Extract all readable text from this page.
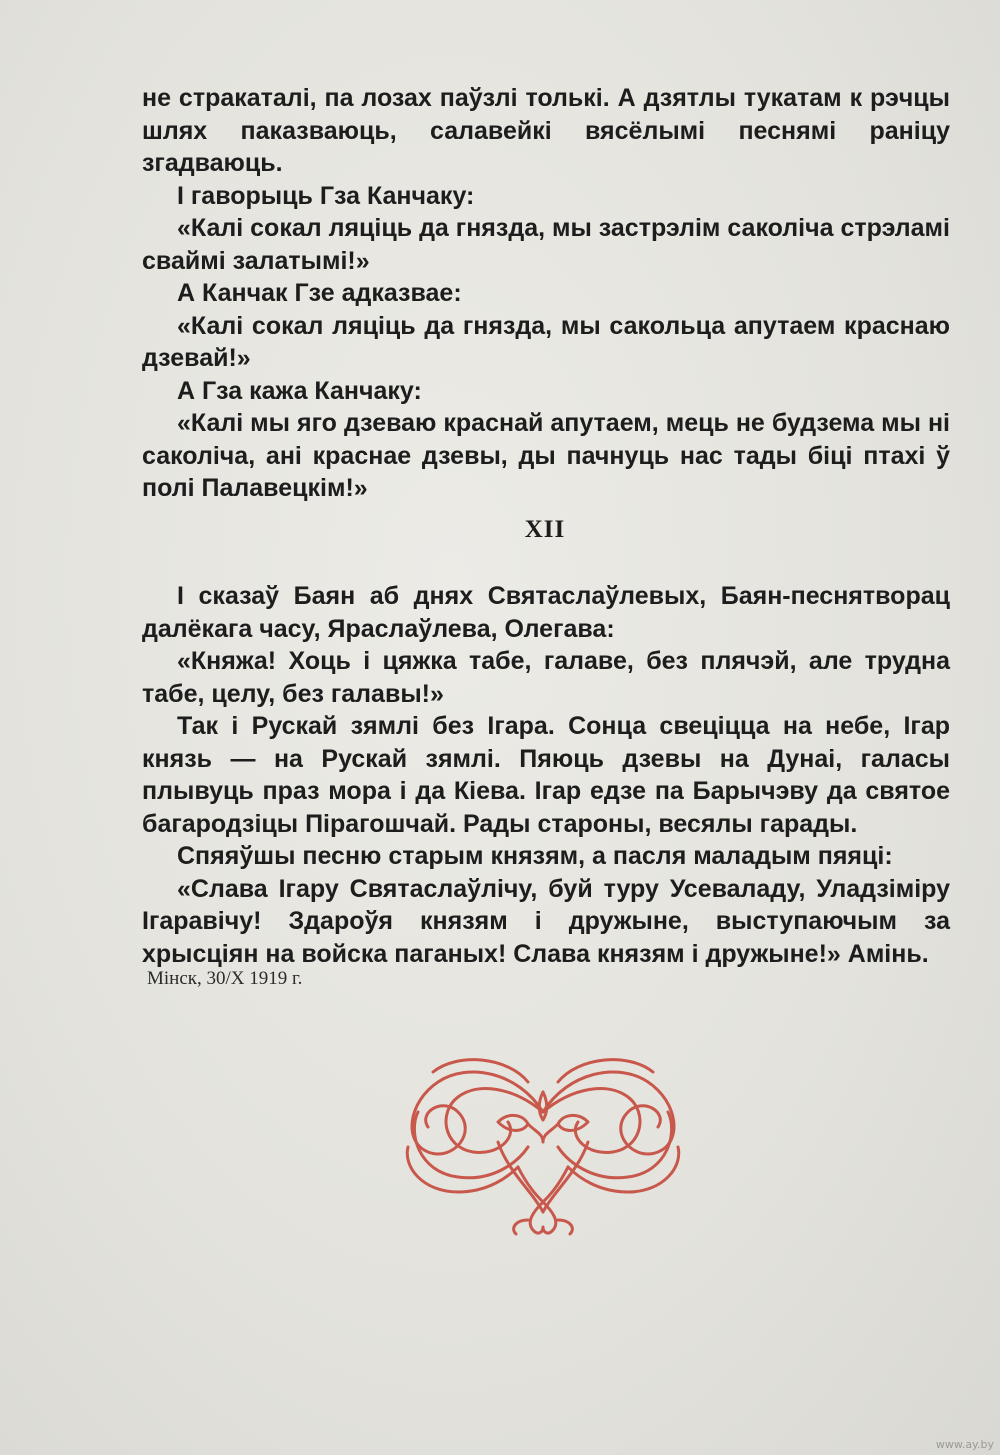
не стракаталі, па лозах паўзлі толькі. А дзятлы тукатам к рэчцы шлях паказваюць, салавейкі вясёлымі песнямі раніцу згадваюць.

І гаворыць Гза Канчаку:

«Калі сокал ляціць да гнязда, мы застрэлім саколіча стрэламі сваймі залатымі!»

А Канчак Гзе адказвае:

«Калі сокал ляціць да гнязда, мы сакольца апутаем краснаю дзевай!»

А Гза кажа Канчаку:

«Калі мы яго дзеваю краснай апутаем, мець не будзема мы ні саколіча, ані краснае дзевы, ды пачнуць нас тады біці птахі ў полі Палавецкім!»

XII

І сказаў Баян аб днях Святаслаўлевых, Баян-песнятворац далёкага часу, Яраслаўлева, Олегава:

«Княжа! Хоць і цяжка табе, галаве, без плячэй, але трудна табе, целу, без галавы!»

Так і Рускай зямлі без Ігара. Сонца свеціцца на небе, Ігар князь — на Рускай зямлі. Пяюць дзевы на Дунаі, галасы плывуць праз мора і да Кіева. Ігар едзе па Барычэву да святое багародзіцы Пірагошчай. Рады староны, весялы гарады.

Спяяўшы песню старым князям, а пасля маладым пяяці:

«Слава Ігару Святаслаўлічу, буй туру Усеваладу, Уладзіміру Ігаравічу! Здароўя князям і дружыне, выступаючым за хрысціян на войска паганых! Слава князям і дружыне!» Амінь.

Мінск, 30/X 1919 г.
www.ay.by
